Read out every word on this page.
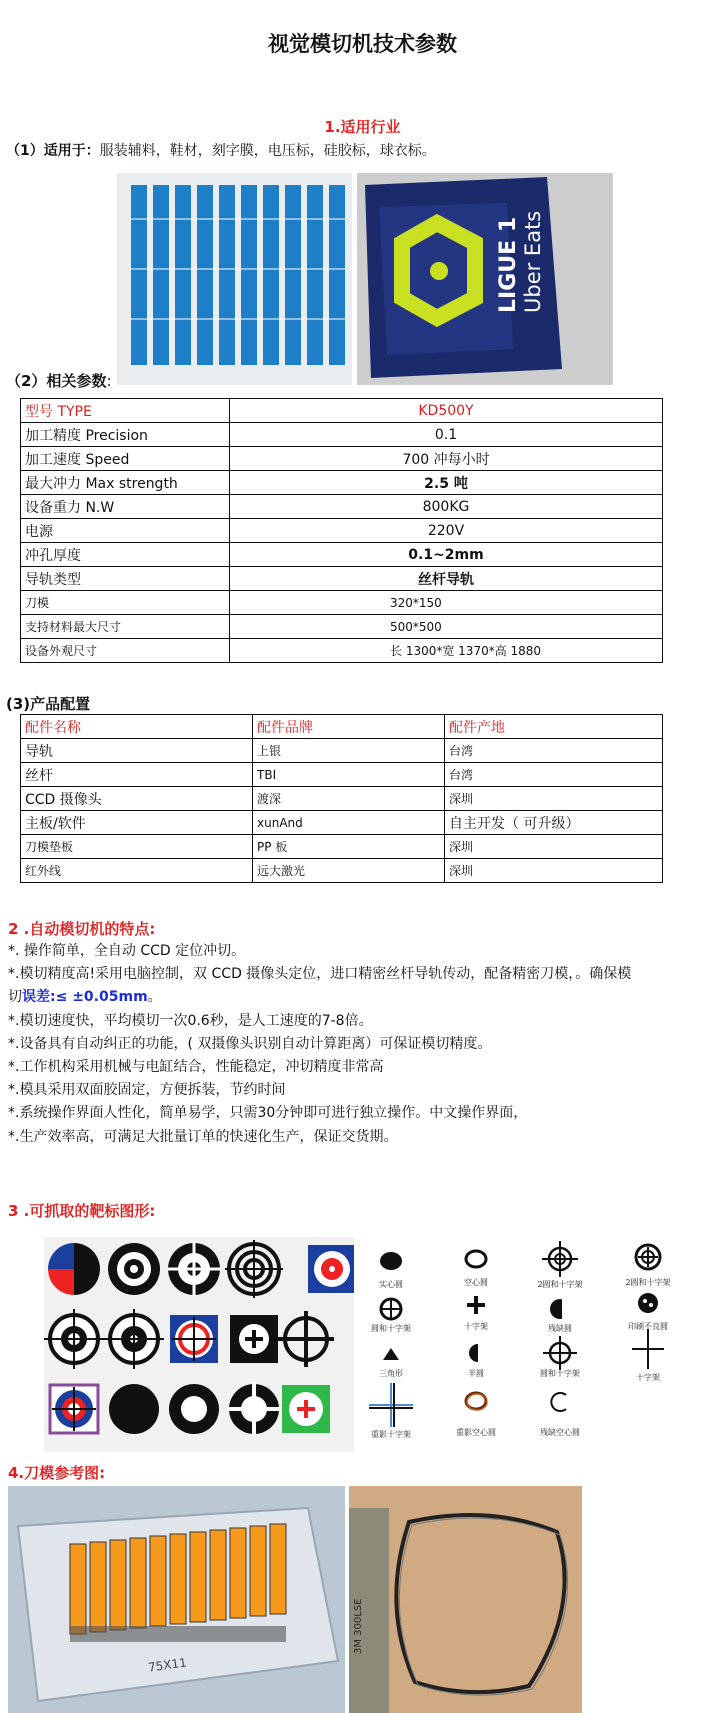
视觉模切机技术参数
1.适用行业
（1）适用于：服装辅料，鞋材，刻字膜，电压标，硅胶标，球衣标。
LIGUE 1 Uber Eats
（2）相关参数:
型号 TYPE	KD500Y
加工精度 Precision	0.1
加工速度 Speed	700 冲每小时
最大冲力 Max strength	2.5 吨
设备重力 N.W	800KG
电源	220V
冲孔厚度	0.1~2mm
导轨类型	丝杆导轨
刀模	320*150
支持材料最大尺寸	500*500
设备外观尺寸	长 1300*宽 1370*高 1880
(3)产品配置
配件名称	配件品牌	配件产地
导轨	上银	台湾
丝杆	TBI	台湾
CCD 摄像头	渡深	深圳
主板/软件	xunAnd	自主开发（ 可升级）
刀模垫板	PP 板	深圳
红外线	远大激光	深圳
2 .自动模切机的特点:
*. 操作简单，全自动 CCD 定位冲切。
*.模切精度高!采用电脑控制，双 CCD 摄像头定位，进口精密丝杆导轨传动，配备精密刀模，。确保模
切误差:≤ ±0.05mm。
*.模切速度快，平均模切一次0.6秒，是人工速度的7-8倍。
*.设备具有自动纠正的功能，( 双摄像头识别自动计算距离）可保证模切精度。
*.工作机构采用机械与电缸结合，性能稳定，冲切精度非常高
*.模具采用双面胶固定，方便拆装，节约时间
*.系统操作界面人性化，简单易学，只需30分钟即可进行独立操作。中文操作界面，
*.生产效率高，可满足大批量订单的快速化生产，保证交货期。
3 .可抓取的靶标图形:
实心圆	空心圆	2圆和十字架	2圆和十字架
圆和十字架	十字架	残缺圆	印刷不良圆
三角形	半圆	圆和十字架	十字架
重影十字架	重影空心圆	残缺空心圆
4.刀模参考图:
75X11
3M 300LSE
